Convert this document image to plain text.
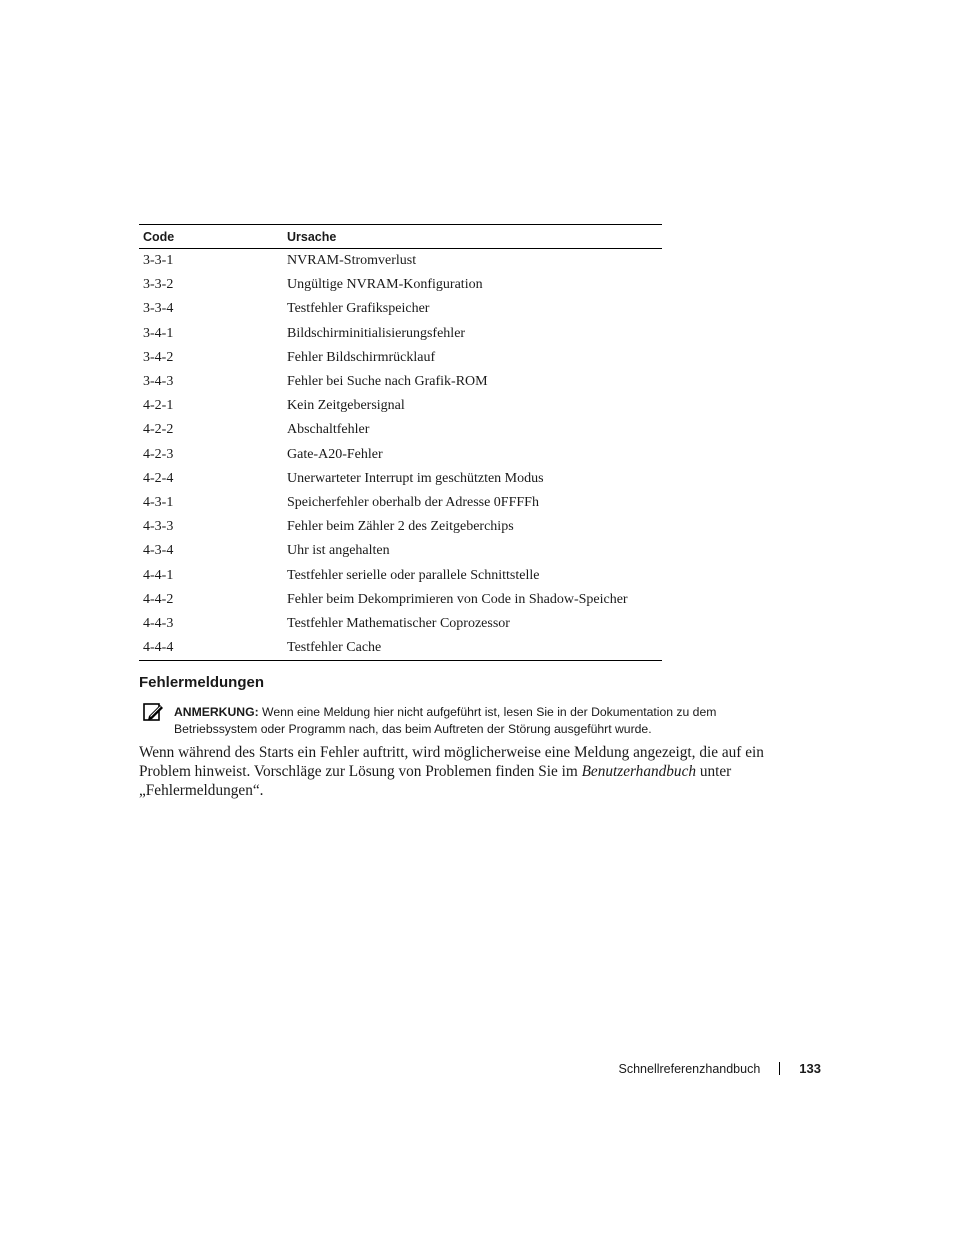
Code	Ursache
3-3-1	NVRAM-Stromverlust
3-3-2	Ungültige NVRAM-Konfiguration
3-3-4	Testfehler Grafikspeicher
3-4-1	Bildschirminitialisierungsfehler
3-4-2	Fehler Bildschirmrücklauf
3-4-3	Fehler bei Suche nach Grafik-ROM
4-2-1	Kein Zeitgebersignal
4-2-2	Abschaltfehler
4-2-3	Gate-A20-Fehler
4-2-4	Unerwarteter Interrupt im geschützten Modus
4-3-1	Speicherfehler oberhalb der Adresse 0FFFFh
4-3-3	Fehler beim Zähler 2 des Zeitgeberchips
4-3-4	Uhr ist angehalten
4-4-1	Testfehler serielle oder parallele Schnittstelle
4-4-2	Fehler beim Dekomprimieren von Code in Shadow-Speicher
4-4-3	Testfehler Mathematischer Coprozessor
4-4-4	Testfehler Cache
Fehlermeldungen

ANMERKUNG: Wenn eine Meldung hier nicht aufgeführt ist, lesen Sie in der Dokumentation zu dem Betriebssystem oder Programm nach, das beim Auftreten der Störung ausgeführt wurde.

Wenn während des Starts ein Fehler auftritt, wird möglicherweise eine Meldung angezeigt, die auf ein Problem hinweist. Vorschläge zur Lösung von Problemen finden Sie im Benutzerhandbuch unter „Fehlermeldungen“.

Schnellreferenzhandbuch	133
